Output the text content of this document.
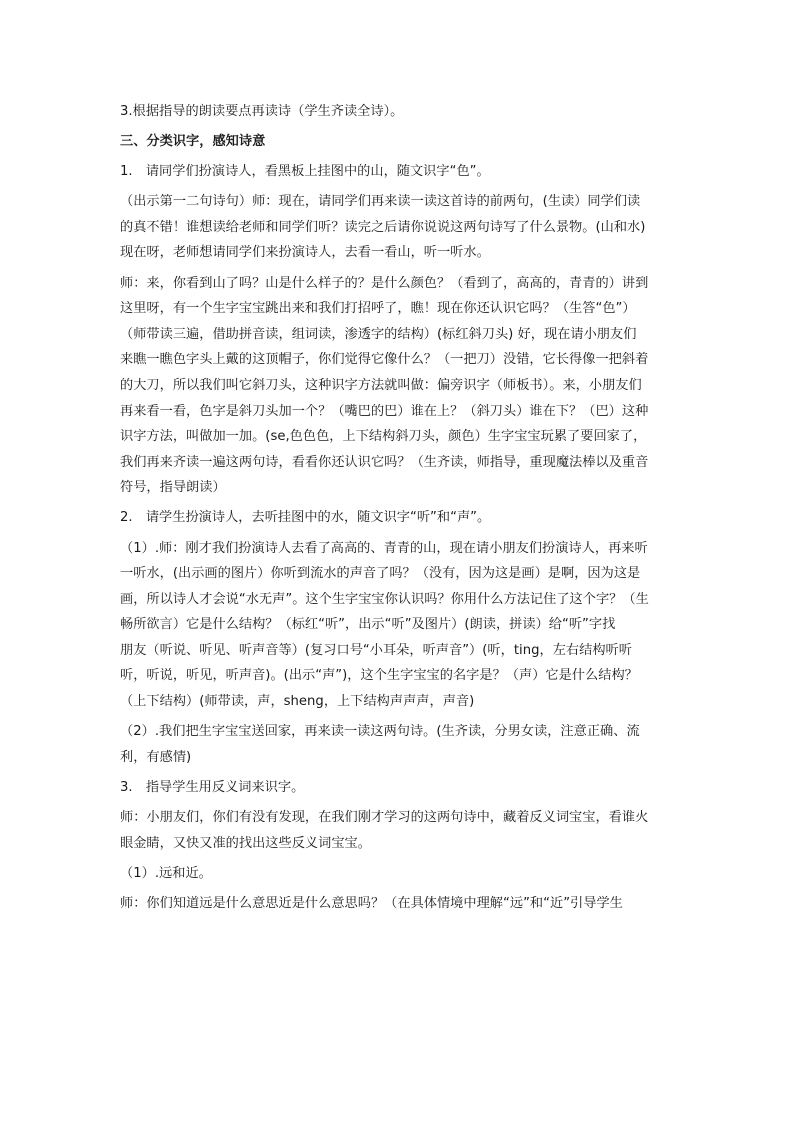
3.根据指导的朗读要点再读诗（学生齐读全诗）。
三、分类识字，感知诗意
1.　请同学们扮演诗人，看黑板上挂图中的山，随文识字“色”。
（出示第一二句诗句）师：现在，请同学们再来读一读这首诗的前两句，(生读）同学们读
的真不错！谁想读给老师和同学们听？读完之后请你说说这两句诗写了什么景物。(山和水)
现在呀，老师想请同学们来扮演诗人，去看一看山，听一听水。
师：来，你看到山了吗？山是什么样子的？是什么颜色？（看到了，高高的，青青的）讲到
这里呀，有一个生字宝宝跳出来和我们打招呼了，瞧！现在你还认识它吗？（生答“色”）
（师带读三遍，借助拼音读，组词读，渗透字的结构）(标红斜刀头) 好，现在请小朋友们
来瞧一瞧色字头上戴的这顶帽子，你们觉得它像什么？（一把刀）没错，它长得像一把斜着
的大刀，所以我们叫它斜刀头，这种识字方法就叫做：偏旁识字（师板书）。来，小朋友们
再来看一看，色字是斜刀头加一个？（嘴巴的巴）谁在上？（斜刀头）谁在下？（巴）这种
识字方法，叫做加一加。(se,色色色，上下结构斜刀头，颜色）生字宝宝玩累了要回家了，
我们再来齐读一遍这两句诗，看看你还认识它吗？（生齐读，师指导，重现魔法棒以及重音
符号，指导朗读）
2.　请学生扮演诗人，去听挂图中的水，随文识字“听”和“声”。
（1）.师：刚才我们扮演诗人去看了高高的、青青的山，现在请小朋友们扮演诗人，再来听
一听水，(出示画的图片）你听到流水的声音了吗？（没有，因为这是画）是啊，因为这是
画，所以诗人才会说“水无声”。这个生字宝宝你认识吗？你用什么方法记住了这个字？（生
畅所欲言）它是什么结构？（标红“听”，出示“听”及图片）(朗读，拼读）给“听”字找
朋友（听说、听见、听声音等）(复习口号“小耳朵，听声音”）(听，ting，左右结构听听
听，听说，听见，听声音)。(出示“声”)，这个生字宝宝的名字是？（声）它是什么结构？
（上下结构）(师带读，声，sheng，上下结构声声声，声音)
（2）.我们把生字宝宝送回家，再来读一读这两句诗。(生齐读，分男女读，注意正确、流
利，有感情)
3.　指导学生用反义词来识字。
师：小朋友们，你们有没有发现，在我们刚才学习的这两句诗中，藏着反义词宝宝，看谁火
眼金睛，又快又准的找出这些反义词宝宝。
（1）.远和近。
师：你们知道远是什么意思近是什么意思吗？（在具体情境中理解“远”和“近”引导学生
